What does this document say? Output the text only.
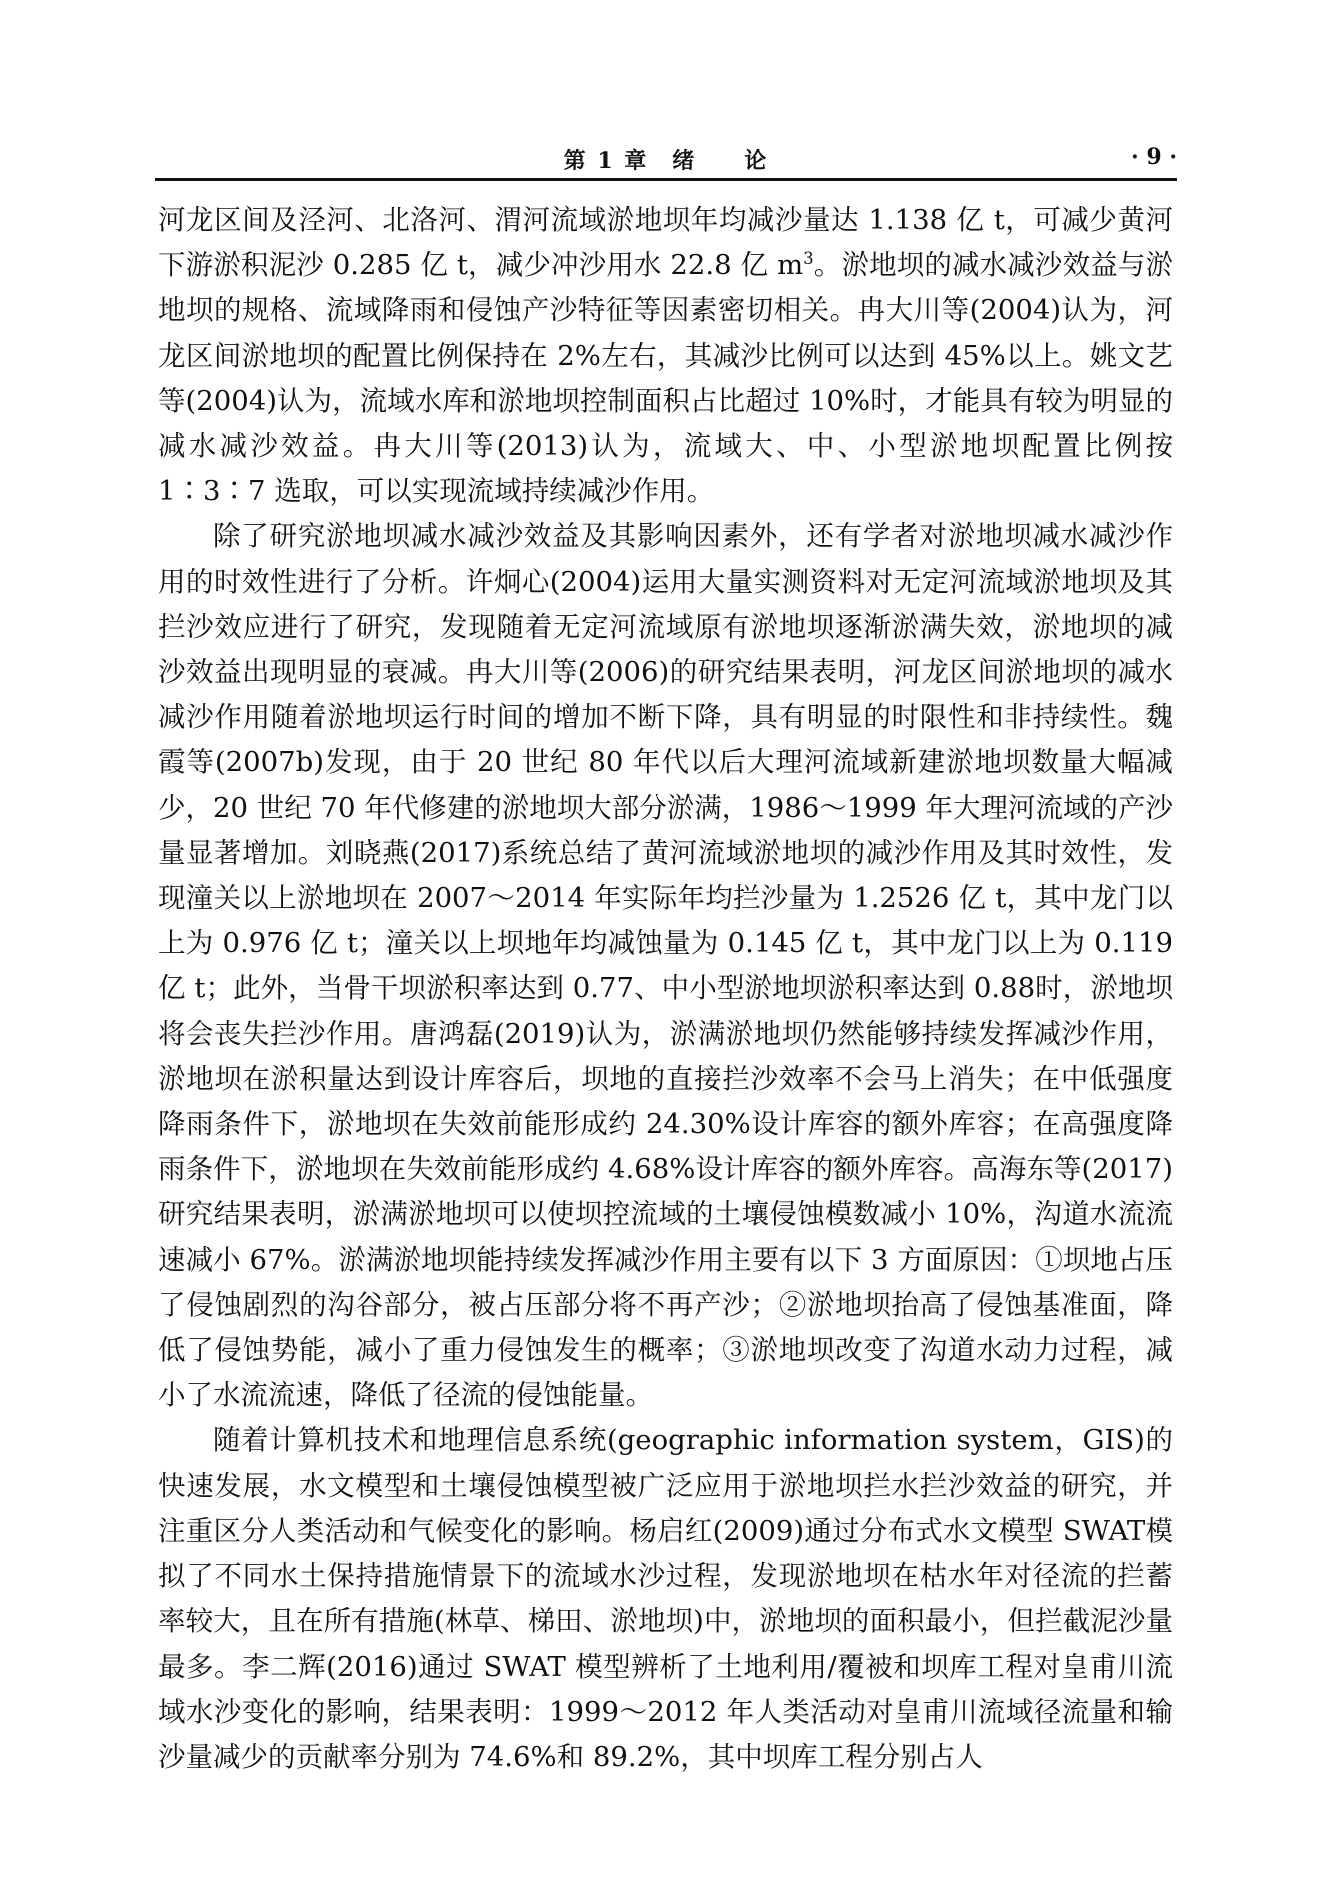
第 1 章　绪　　论	· 9 ·

河龙区间及泾河、北洛河、渭河流域淤地坝年均减沙量达 1.138 亿 t，可减少黄河下游淤积泥沙 0.285 亿 t，减少冲沙用水 22.8 亿 $m^3$。淤地坝的减水减沙效益与淤地坝的规格、流域降雨和侵蚀产沙特征等因素密切相关。冉大川等(2004)认为，河龙区间淤地坝的配置比例保持在 2%左右，其减沙比例可以达到 45%以上。姚文艺等(2004)认为，流域水库和淤地坝控制面积占比超过 10%时，才能具有较为明显的减水减沙效益。冉大川等(2013)认为，流域大、中、小型淤地坝配置比例按 1∶3∶7 选取，可以实现流域持续减沙作用。

除了研究淤地坝减水减沙效益及其影响因素外，还有学者对淤地坝减水减沙作用的时效性进行了分析。许炯心(2004)运用大量实测资料对无定河流域淤地坝及其拦沙效应进行了研究，发现随着无定河流域原有淤地坝逐渐淤满失效，淤地坝的减沙效益出现明显的衰减。冉大川等(2006)的研究结果表明，河龙区间淤地坝的减水减沙作用随着淤地坝运行时间的增加不断下降，具有明显的时限性和非持续性。魏霞等(2007b)发现，由于 20 世纪 80 年代以后大理河流域新建淤地坝数量大幅减少，20 世纪 70 年代修建的淤地坝大部分淤满，1986～1999 年大理河流域的产沙量显著增加。刘晓燕(2017)系统总结了黄河流域淤地坝的减沙作用及其时效性，发现潼关以上淤地坝在 2007～2014 年实际年均拦沙量为 1.2526 亿 t，其中龙门以上为 0.976 亿 t；潼关以上坝地年均减蚀量为 0.145 亿 t，其中龙门以上为 0.119 亿 t；此外，当骨干坝淤积率达到 0.77、中小型淤地坝淤积率达到 0.88时，淤地坝将会丧失拦沙作用。唐鸿磊(2019)认为，淤满淤地坝仍然能够持续发挥减沙作用，淤地坝在淤积量达到设计库容后，坝地的直接拦沙效率不会马上消失；在中低强度降雨条件下，淤地坝在失效前能形成约 24.30%设计库容的额外库容；在高强度降雨条件下，淤地坝在失效前能形成约 4.68%设计库容的额外库容。高海东等(2017)研究结果表明，淤满淤地坝可以使坝控流域的土壤侵蚀模数减小 10%，沟道水流流速减小 67%。淤满淤地坝能持续发挥减沙作用主要有以下 3 方面原因：①坝地占压了侵蚀剧烈的沟谷部分，被占压部分将不再产沙；②淤地坝抬高了侵蚀基准面，降低了侵蚀势能，减小了重力侵蚀发生的概率；③淤地坝改变了沟道水动力过程，减小了水流流速，降低了径流的侵蚀能量。

随着计算机技术和地理信息系统(geographic information system，GIS)的快速发展，水文模型和土壤侵蚀模型被广泛应用于淤地坝拦水拦沙效益的研究，并注重区分人类活动和气候变化的影响。杨启红(2009)通过分布式水文模型 SWAT模拟了不同水土保持措施情景下的流域水沙过程，发现淤地坝在枯水年对径流的拦蓄率较大，且在所有措施(林草、梯田、淤地坝)中，淤地坝的面积最小，但拦截泥沙量最多。李二辉(2016)通过 SWAT 模型辨析了土地利用/覆被和坝库工程对皇甫川流域水沙变化的影响，结果表明：1999～2012 年人类活动对皇甫川流域径流量和输沙量减少的贡献率分别为 74.6%和 89.2%，其中坝库工程分别占人
